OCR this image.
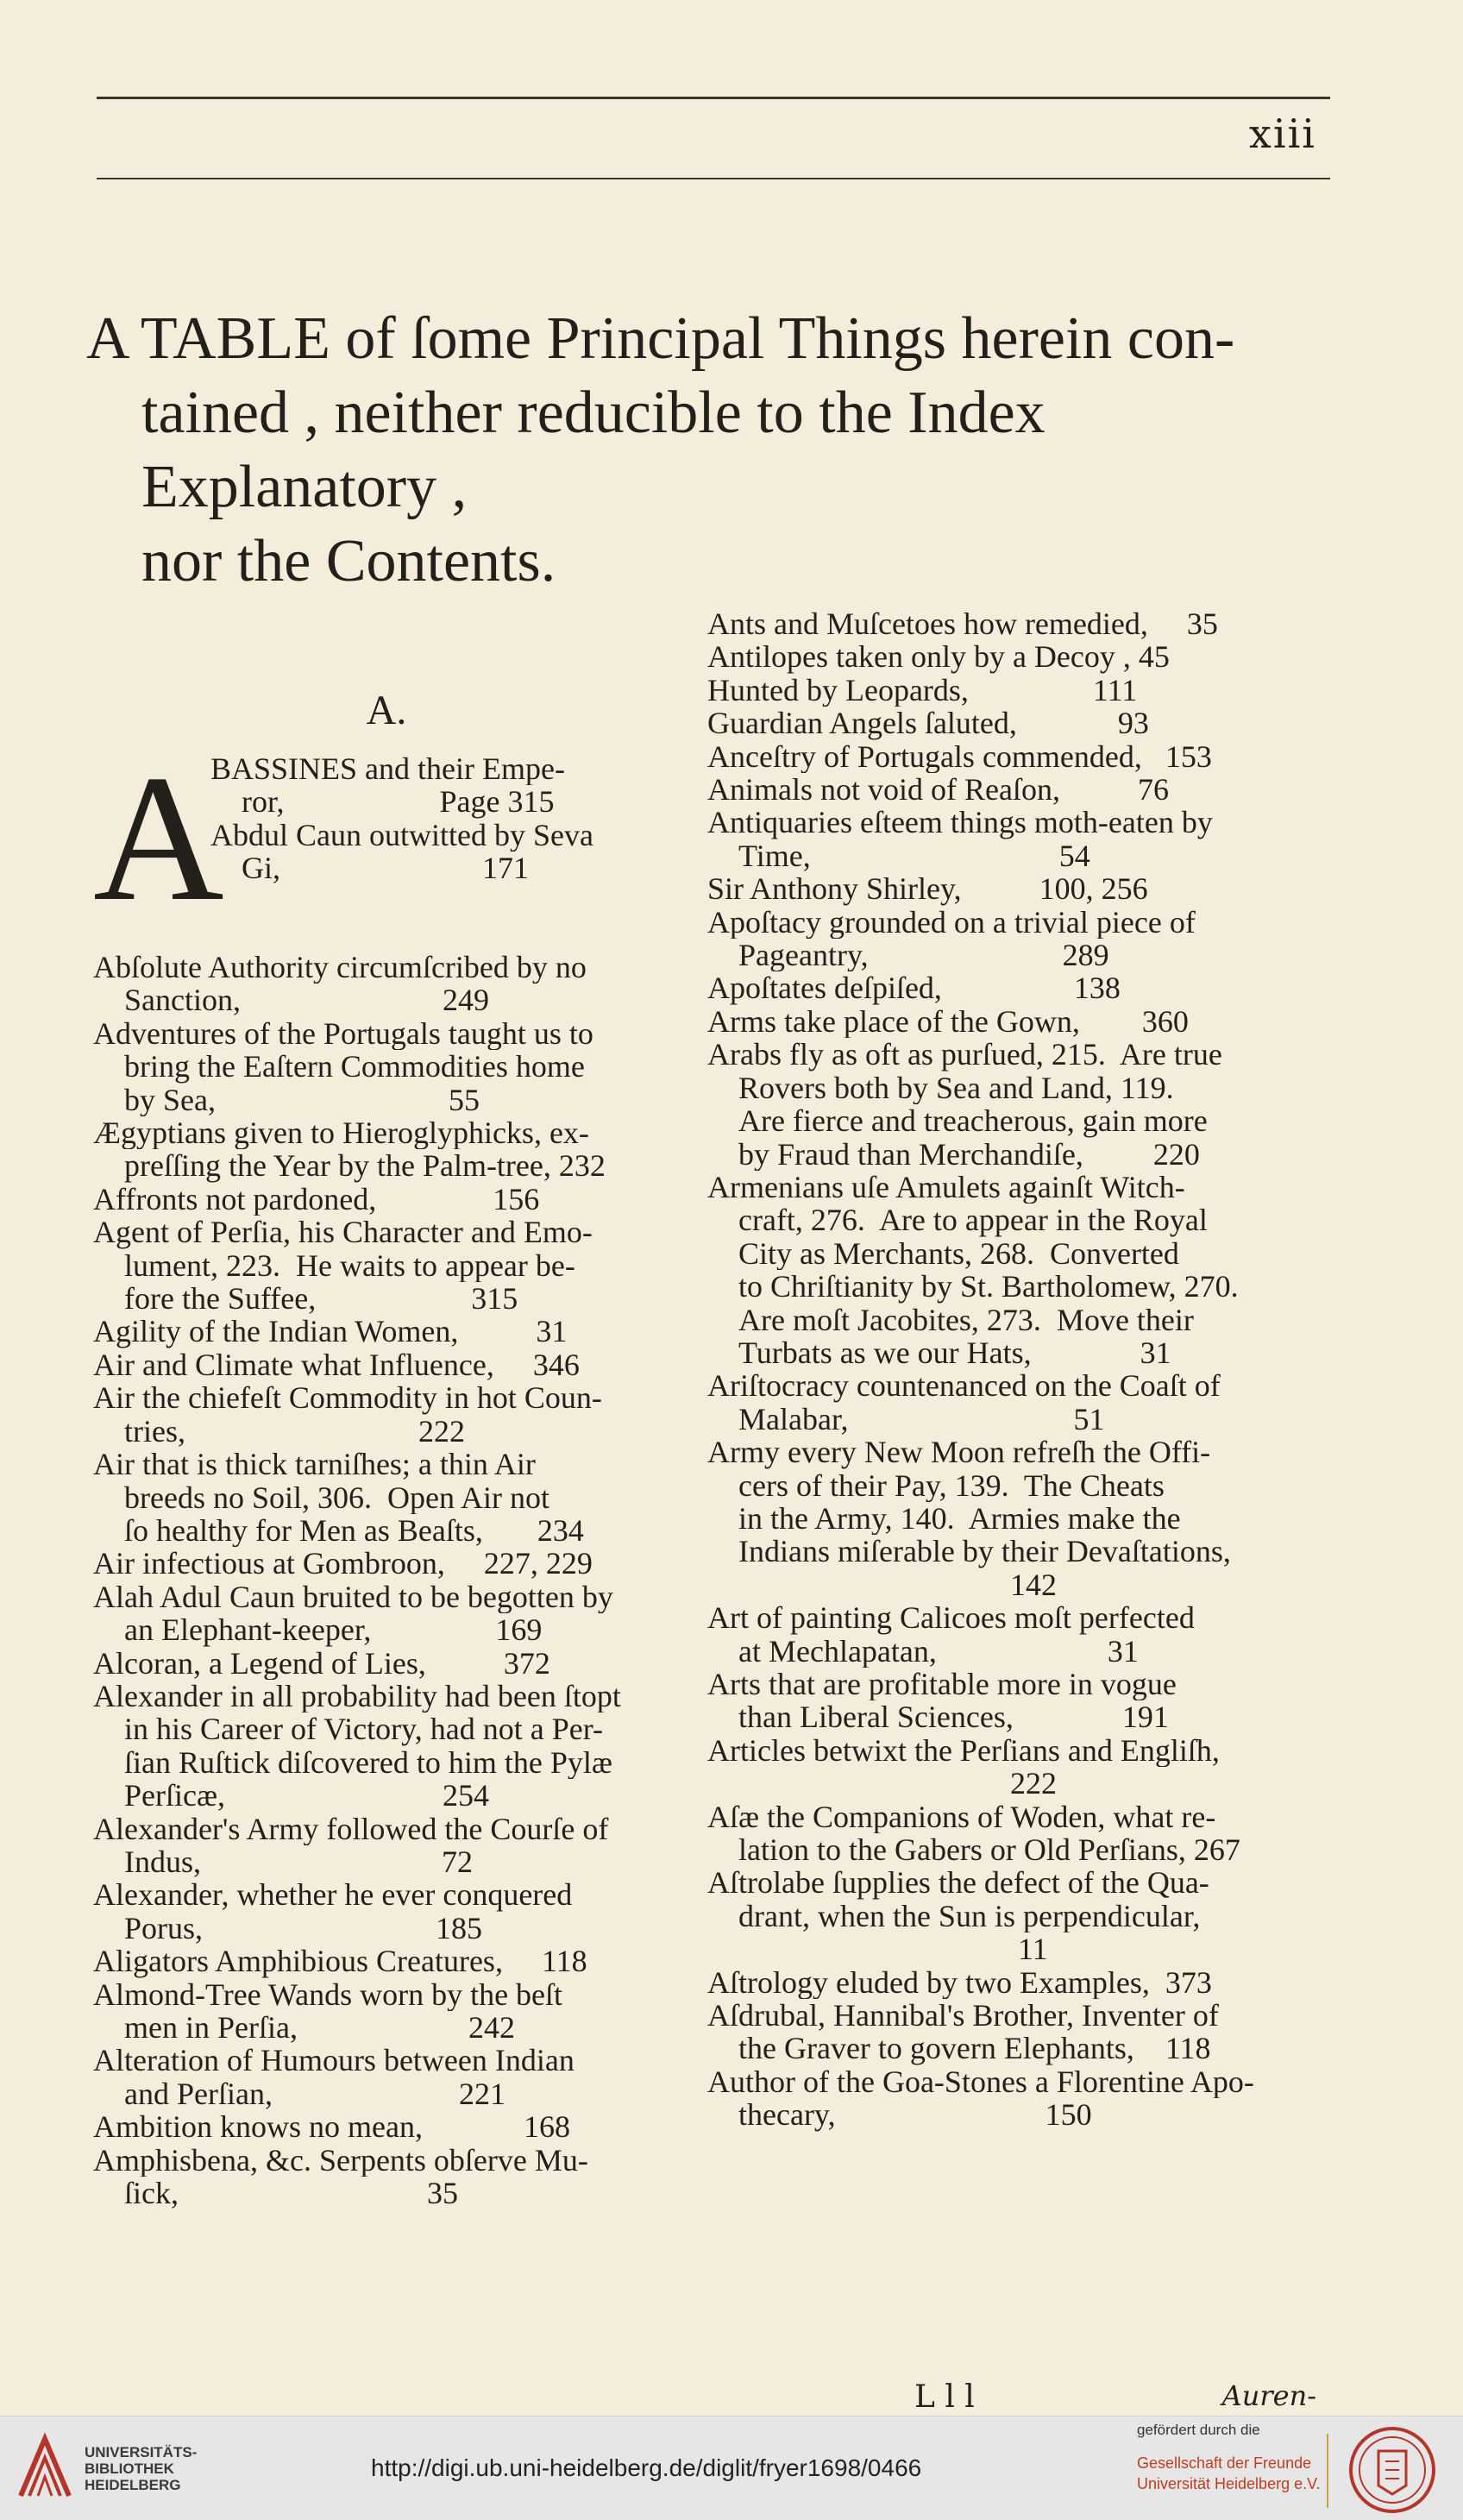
xiii
A TABLE of ſome Principal Things herein con-
tained , neither reducible to the Index Explanatory ,
nor the Contents.
A.
A
BASSINES and their Empe-
ror,                    Page 315
Abdul Caun outwitted by Seva
Gi,                          171
Abſolute Authority circumſcribed by no
Sanction,                          249
Adventures of the Portugals taught us to
bring the Eaſtern Commodities home
by Sea,                              55
Ægyptians given to Hieroglyphicks, ex-
preſſing the Year by the Palm-tree, 232
Affronts not pardoned,               156
Agent of Perſia, his Character and Emo-
lument, 223.  He waits to appear be-
fore the Suffee,                    315
Agility of the Indian Women,          31
Air and Climate what Influence,     346
Air the chiefeſt Commodity in hot Coun-
tries,                              222
Air that is thick tarniſhes; a thin Air
breeds no Soil, 306.  Open Air not
ſo healthy for Men as Beaſts,       234
Air infectious at Gombroon,     227, 229
Alah Adul Caun bruited to be begotten by
an Elephant-keeper,                169
Alcoran, a Legend of Lies,          372
Alexander in all probability had been ſtopt
in his Career of Victory, had not a Per-
ſian Ruſtick diſcovered to him the Pylæ
Perſicæ,                            254
Alexander's Army followed the Courſe of
Indus,                               72
Alexander, whether he ever conquered
Porus,                              185
Aligators Amphibious Creatures,     118
Almond-Tree Wands worn by the beſt
men in Perſia,                      242
Alteration of Humours between Indian
and Perſian,                        221
Ambition knows no mean,             168
Amphisbena, &c. Serpents obſerve Mu-
ſick,                                35
Ants and Muſcetoes how remedied,     35
Antilopes taken only by a Decoy , 45
Hunted by Leopards,                111
Guardian Angels ſaluted,             93
Anceſtry of Portugals commended,   153
Animals not void of Reaſon,          76
Antiquaries eſteem things moth-eaten by
Time,                                54
Sir Anthony Shirley,          100, 256
Apoſtacy grounded on a trivial piece of
Pageantry,                         289
Apoſtates deſpiſed,                 138
Arms take place of the Gown,        360
Arabs fly as oft as purſued, 215.  Are true
Rovers both by Sea and Land, 119.
Are fierce and treacherous, gain more
by Fraud than Merchandiſe,         220
Armenians uſe Amulets againſt Witch-
craft, 276.  Are to appear in the Royal
City as Merchants, 268.  Converted
to Chriſtianity by St. Bartholomew, 270.
Are moſt Jacobites, 273.  Move their
Turbats as we our Hats,              31
Ariſtocracy countenanced on the Coaſt of
Malabar,                             51
Army every New Moon refreſh the Offi-
cers of their Pay, 139.  The Cheats
in the Army, 140.  Armies make the
Indians miſerable by their Devaſtations,
142
Art of painting Calicoes moſt perfected
at Mechlapatan,                      31
Arts that are profitable more in vogue
than Liberal Sciences,              191
Articles betwixt the Perſians and Engliſh,
222
Aſæ the Companions of Woden, what re-
lation to the Gabers or Old Perſians, 267
Aſtrolabe ſupplies the defect of the Qua-
drant, when the Sun is perpendicular,
11
Aſtrology eluded by two Examples,  373
Aſdrubal, Hannibal's Brother, Inventer of
the Graver to govern Elephants,    118
Author of the Goa-Stones a Florentine Apo-
thecary,                           150
L l l	Auren-
UNIVERSITÄTS-
BIBLIOTHEK
HEIDELBERG
http://digi.ub.uni-heidelberg.de/diglit/fryer1698/0466
gefördert durch die
Gesellschaft der Freunde
Universität Heidelberg e.V.
